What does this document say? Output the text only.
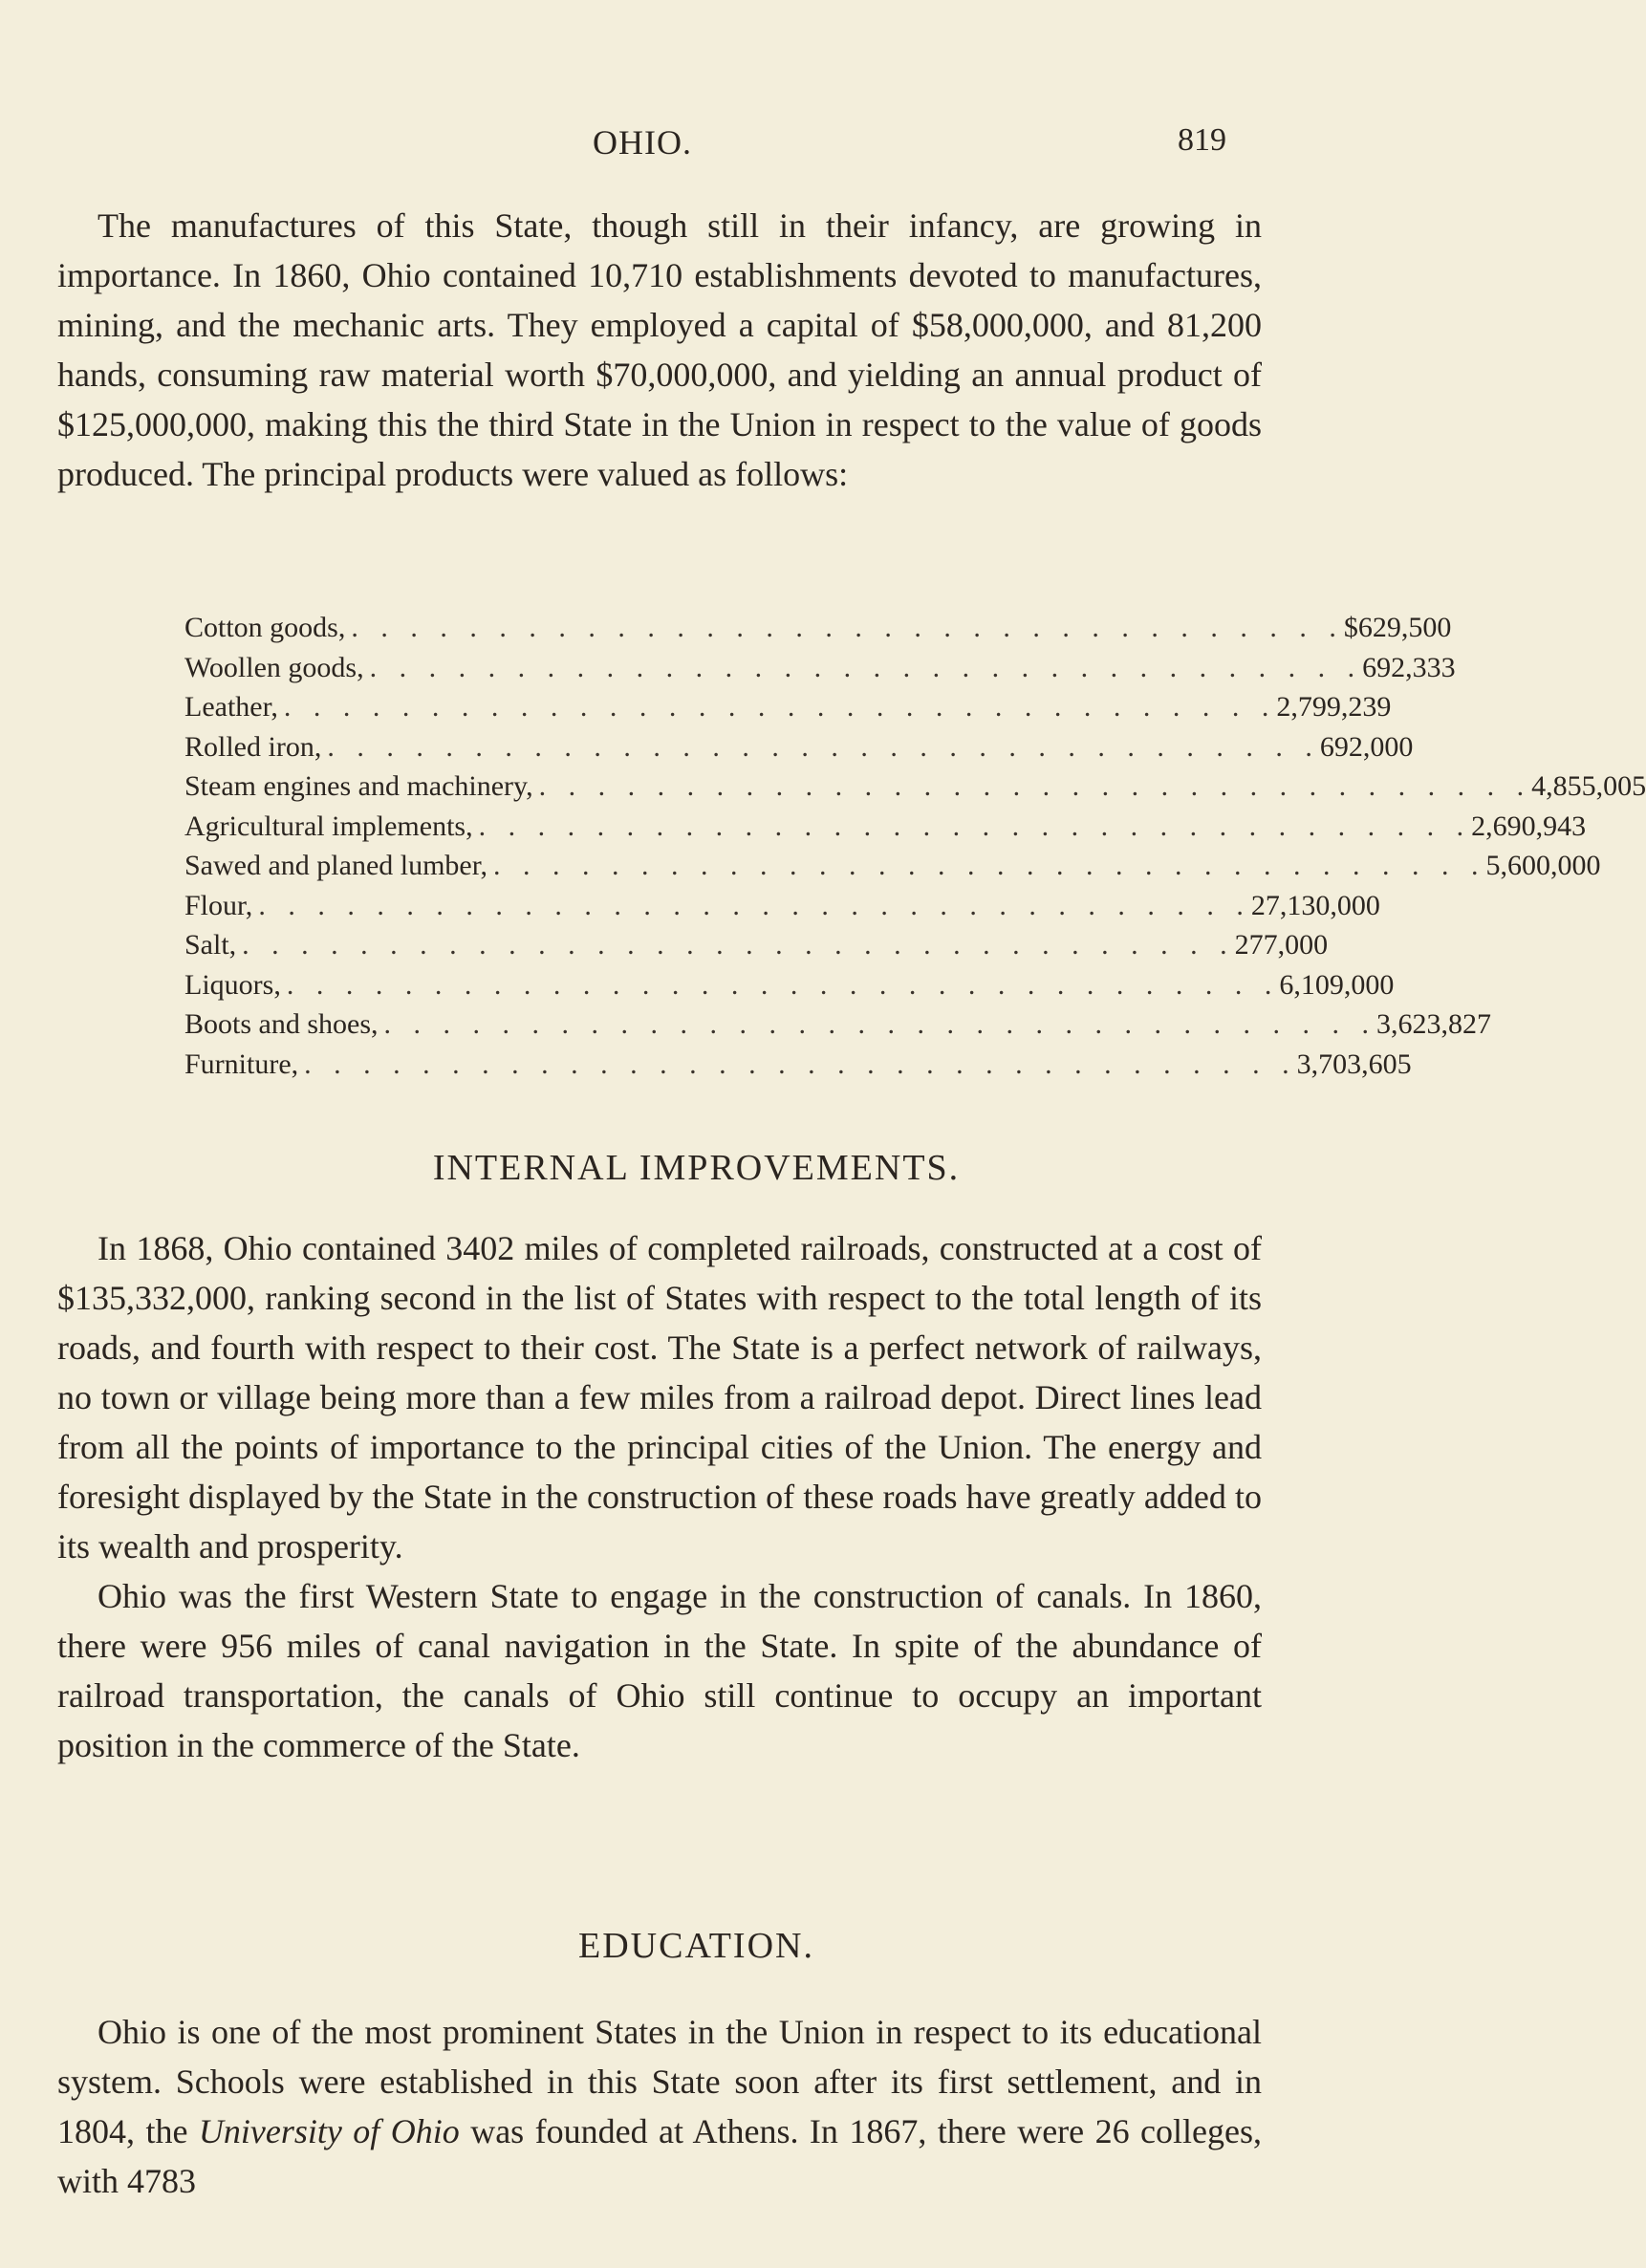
OHIO.	819

The manufactures of this State, though still in their infancy, are growing in importance. In 1860, Ohio contained 10,710 establishments devoted to manufactures, mining, and the mechanic arts. They employed a capital of $58,000,000, and 81,200 hands, consuming raw material worth $70,000,000, and yielding an annual product of $125,000,000, making this the third State in the Union in respect to the value of goods produced. The principal products were valued as follows:

Cotton goods, . . . . . . . . . . . . . . . . . . . . . . . . . . . . . . . . . . $629,500
Woollen goods, . . . . . . . . . . . . . . . . . . . . . . . . . . . . . . . . . . 692,333
Leather, . . . . . . . . . . . . . . . . . . . . . . . . . . . . . . . . . . 2,799,239
Rolled iron, . . . . . . . . . . . . . . . . . . . . . . . . . . . . . . . . . . 692,000
Steam engines and machinery, . . . . . . . . . . . . . . . . . . . . . . . . . . . . . . . . . . 4,855,005
Agricultural implements, . . . . . . . . . . . . . . . . . . . . . . . . . . . . . . . . . . 2,690,943
Sawed and planed lumber, . . . . . . . . . . . . . . . . . . . . . . . . . . . . . . . . . . 5,600,000
Flour, . . . . . . . . . . . . . . . . . . . . . . . . . . . . . . . . . . 27,130,000
Salt, . . . . . . . . . . . . . . . . . . . . . . . . . . . . . . . . . . 277,000
Liquors, . . . . . . . . . . . . . . . . . . . . . . . . . . . . . . . . . . 6,109,000
Boots and shoes, . . . . . . . . . . . . . . . . . . . . . . . . . . . . . . . . . . 3,623,827
Furniture, . . . . . . . . . . . . . . . . . . . . . . . . . . . . . . . . . . 3,703,605
INTERNAL IMPROVEMENTS.

In 1868, Ohio contained 3402 miles of completed railroads, constructed at a cost of $135,332,000, ranking second in the list of States with respect to the total length of its roads, and fourth with respect to their cost. The State is a perfect network of railways, no town or village being more than a few miles from a railroad depot. Direct lines lead from all the points of importance to the principal cities of the Union. The energy and foresight displayed by the State in the construction of these roads have greatly added to its wealth and prosperity.

Ohio was the first Western State to engage in the construction of canals. In 1860, there were 956 miles of canal navigation in the State. In spite of the abundance of railroad transportation, the canals of Ohio still continue to occupy an important position in the commerce of the State.

EDUCATION.

Ohio is one of the most prominent States in the Union in respect to its educational system. Schools were established in this State soon after its first settlement, and in 1804, the University of Ohio was founded at Athens. In 1867, there were 26 colleges, with 4783
